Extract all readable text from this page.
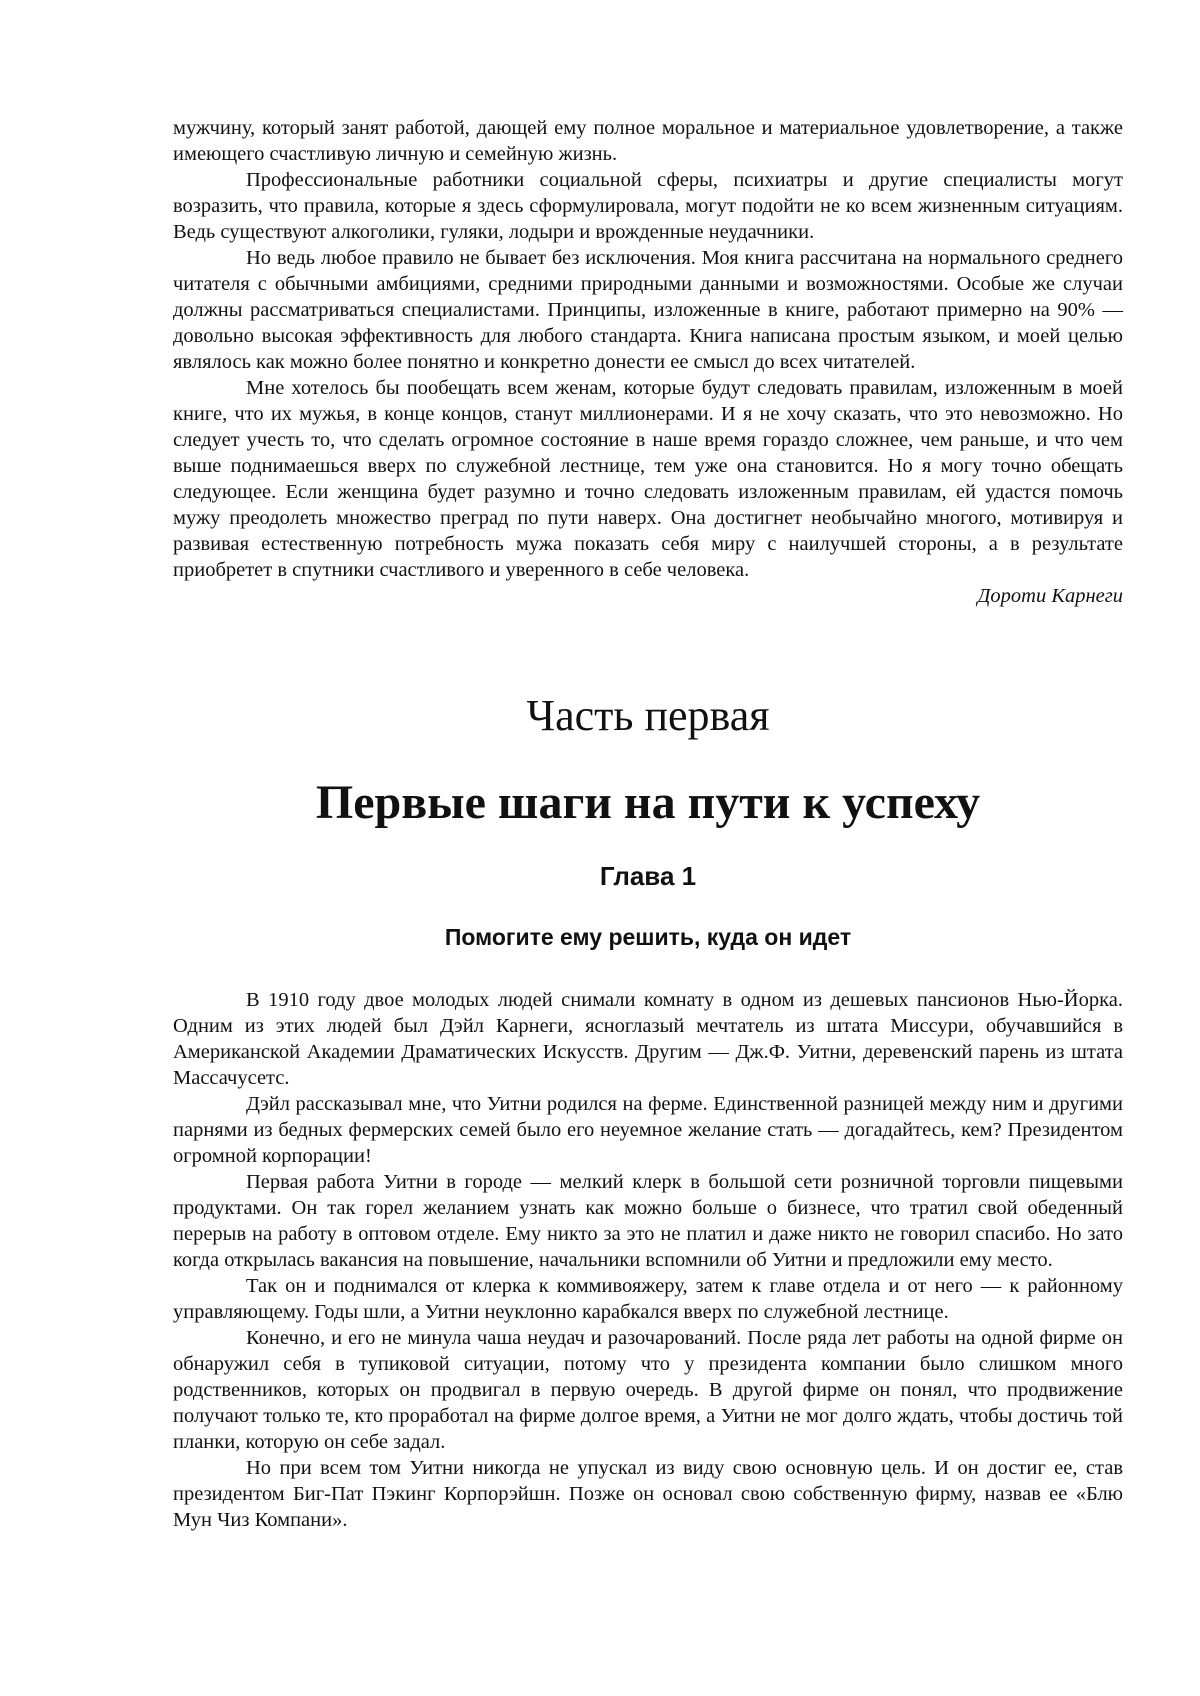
мужчину, который занят работой, дающей ему полное моральное и материальное удовлетворение, а также имеющего счастливую личную и семейную жизнь.

Профессиональные работники социальной сферы, психиатры и другие специалисты могут возразить, что правила, которые я здесь сформулировала, могут подойти не ко всем жизненным ситуациям. Ведь существуют алкоголики, гуляки, лодыри и врожденные неудачники.

Но ведь любое правило не бывает без исключения. Моя книга рассчитана на нормального среднего читателя с обычными амбициями, средними природными данными и возможностями. Особые же случаи должны рассматриваться специалистами. Принципы, изложенные в книге, работают примерно на 90% — довольно высокая эффективность для любого стандарта. Книга написана простым языком, и моей целью являлось как можно более понятно и конкретно донести ее смысл до всех читателей.

Мне хотелось бы пообещать всем женам, которые будут следовать правилам, изложенным в моей книге, что их мужья, в конце концов, станут миллионерами. И я не хочу сказать, что это невозможно. Но следует учесть то, что сделать огромное состояние в наше время гораздо сложнее, чем раньше, и что чем выше поднимаешься вверх по служебной лестнице, тем уже она становится. Но я могу точно обещать следующее. Если женщина будет разумно и точно следовать изложенным правилам, ей удастся помочь мужу преодолеть множество преград по пути наверх. Она достигнет необычайно многого, мотивируя и развивая естественную потребность мужа показать себя миру с наилучшей стороны, а в результате приобретет в спутники счастливого и уверенного в себе человека.

Дороти Карнеги

Часть первая
Первые шаги на пути к успеху
Глава 1
Помогите ему решить, куда он идет

В 1910 году двое молодых людей снимали комнату в одном из дешевых пансионов Нью-Йорка. Одним из этих людей был Дэйл Карнеги, ясноглазый мечтатель из штата Миссури, обучавшийся в Американской Академии Драматических Искусств. Другим — Дж.Ф. Уитни, деревенский парень из штата Массачусетс.

Дэйл рассказывал мне, что Уитни родился на ферме. Единственной разницей между ним и другими парнями из бедных фермерских семей было его неуемное желание стать — догадайтесь, кем? Президентом огромной корпорации!

Первая работа Уитни в городе — мелкий клерк в большой сети розничной торговли пищевыми продуктами. Он так горел желанием узнать как можно больше о бизнесе, что тратил свой обеденный перерыв на работу в оптовом отделе. Ему никто за это не платил и даже никто не говорил спасибо. Но зато когда открылась вакансия на повышение, начальники вспомнили об Уитни и предложили ему место.

Так он и поднимался от клерка к коммивояжеру, затем к главе отдела и от него — к районному управляющему. Годы шли, а Уитни неуклонно карабкался вверх по служебной лестнице.

Конечно, и его не минула чаша неудач и разочарований. После ряда лет работы на одной фирме он обнаружил себя в тупиковой ситуации, потому что у президента компании было слишком много родственников, которых он продвигал в первую очередь. В другой фирме он понял, что продвижение получают только те, кто проработал на фирме долгое время, а Уитни не мог долго ждать, чтобы достичь той планки, которую он себе задал.

Но при всем том Уитни никогда не упускал из виду свою основную цель. И он достиг ее, став президентом Биг-Пат Пэкинг Корпорэйшн. Позже он основал свою собственную фирму, назвав ее «Блю Мун Чиз Компани».
